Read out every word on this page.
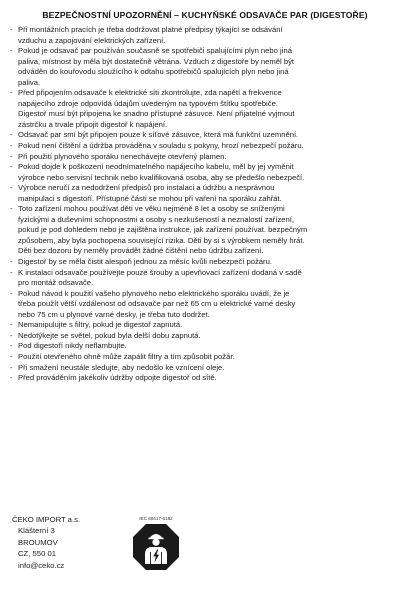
BEZPEČNOSTNÍ UPOZORNĚNÍ – KUCHYŇSKÉ ODSAVAČE PAR (DIGESTOŘE)
- Při montážních pracích je třeba dodržovat platné předpisy týkající se odsávání
vzduchu a zapojování elektrických zařízení.
- Pokud je odsavač par používán současně se spotřebiči spalujícími plyn nebo jiná
paliva, místnost by měla být dostatečně větrána. Vzduch z digestoře by neměl být
odváděn do kouřovodu sloužícího k odtahu spotřebičů spalujících plyn nebo jiná
paliva.
- Před připojením odsavače k elektrické síti zkontrolujte, zda napětí a frekvence
napájecího zdroje odpovídá údajům uvedeným na typovém štítku spotřebiče.
Digestoř musí být připojena ke snadno přístupné zásuvce. Není přijatelné vyjmout
zástrčku a trvale připojit digestoř k napájení.
- Odsavač par smí být připojen pouze k síťové zásuvce, která má funkční uzemnění.
- Pokud není čištění a údržba prováděna v souladu s pokyny, hrozí nebezpečí požáru.
- Při použití plynového sporáku nenechávejte otevřený plamen.
- Pokud dojde k poškození neodnímatelného napájecího kabelu, měl by jej vyměnit
výrobce nebo servisní technik nebo kvalifikovaná osoba, aby se předešlo nebezpečí.
- Výrobce neručí za nedodržení předpisů pro instalaci a údržbu a nesprávnou
manipulaci s digestoří. Přístupné části se mohou při vaření na sporáku zahřát.
- Toto zařízení mohou používat děti ve věku nejméně 8 let a osoby se sníženými
fyzickými a duševními schopnostmi a osoby s nezkušeností a neznalostí zařízení,
pokud je pod dohledem nebo je zajištěna instrukce, jak zařízení používat. bezpečným
způsobem, aby byla pochopena související rizika. Děti by si s výrobkem neměly hrát.
Děti bez dozoru by neměly provádět žádné čištění nebo údržbu zařízení.
- Digestoř by se měla čistit alespoň jednou za měsíc kvůli nebezpečí požáru.
- K instalaci odsavače používejte pouze šrouby a upevňovací zařízení dodaná v sadě
pro montáž odsavače.
- Pokud návod k použití vašeho plynového nebo elektrického sporáku uvádí, že je
třeba použít větší vzdálenost od odsavače par než 65 cm u elektrické varné desky
nebo 75 cm u plynové varné desky, je třeba tuto dodržet.
- Nemanipulujte s filtry, pokud je digestoř zapnutá.
- Nedotýkejte se světel, pokud byla delší dobu zapnutá.
- Pod digestoří nikdy neflambujte.
- Použití otevřeného ohně může zapálit filtry a tím způsobit požár.
- Při smažení neustále sledujte, aby nedošlo ke vznícení oleje.
- Před prováděním jakékoliv údržby odpojte digestoř od sítě.
ČEKO IMPORT a.s.
Klášterní 3
BROUMOV
CZ, 550 01
info@ceko.cz
IEC 60417-6182
